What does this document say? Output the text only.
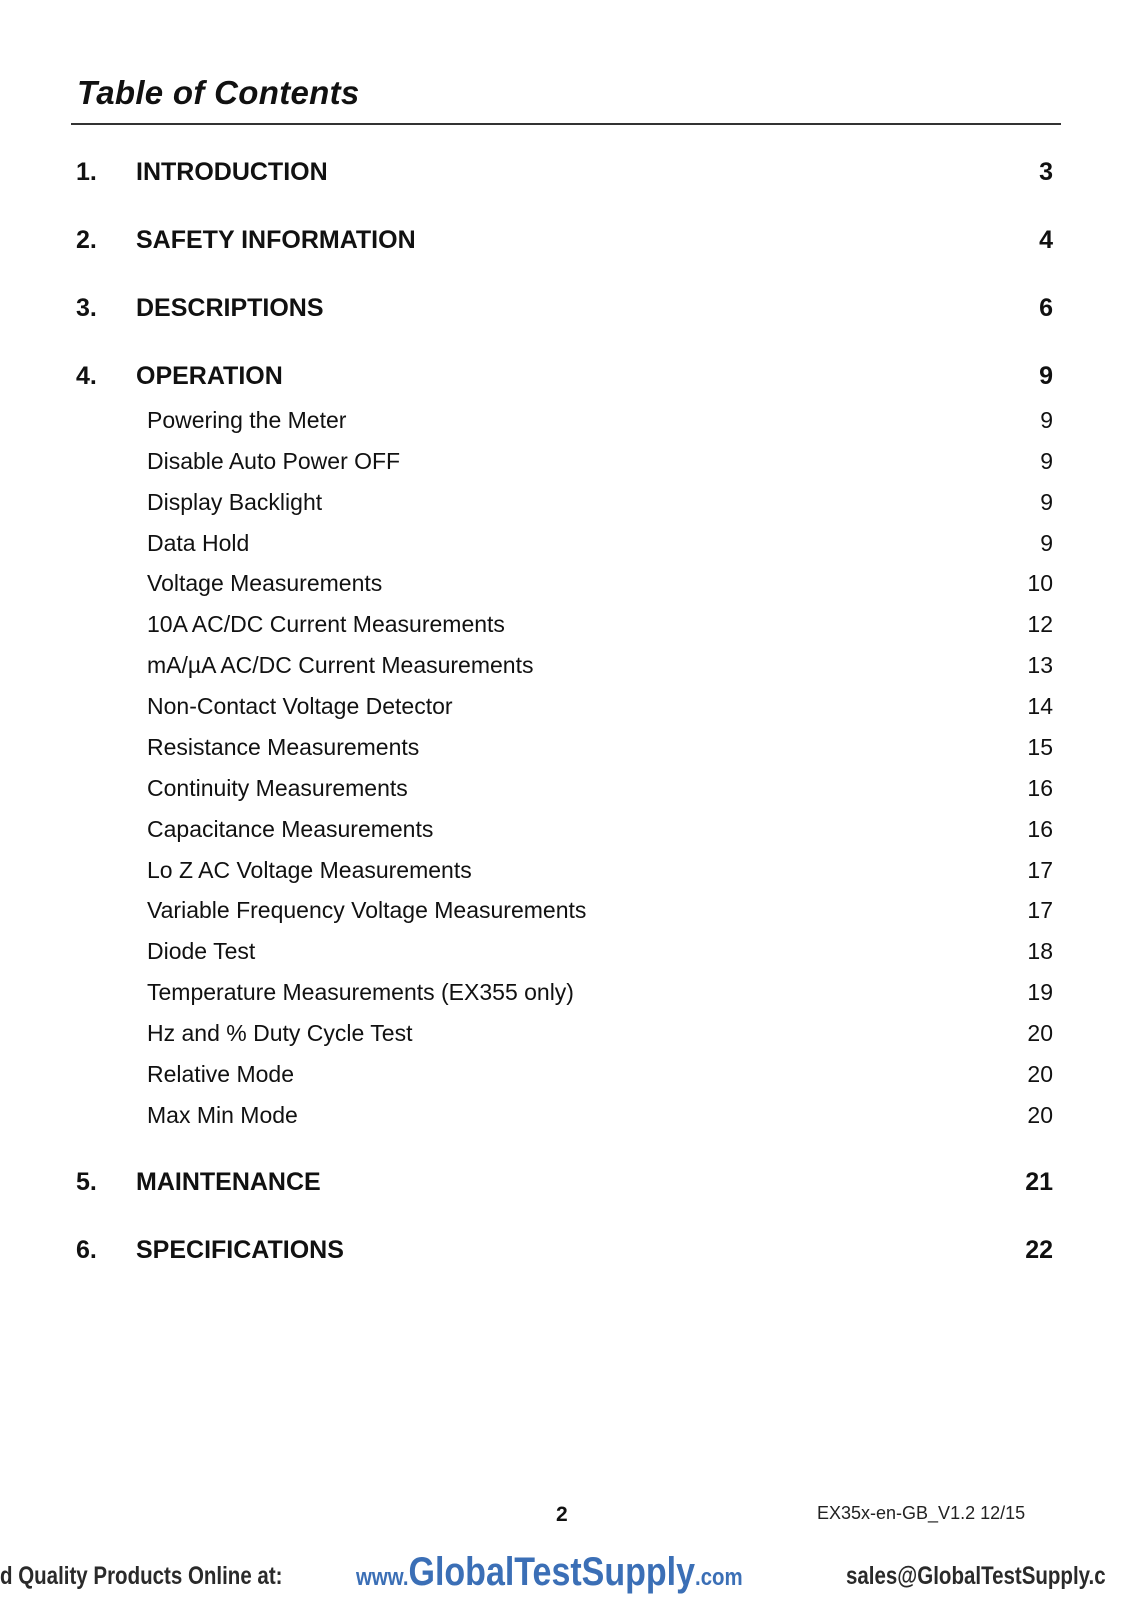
Table of Contents
1. INTRODUCTION	3
2. SAFETY INFORMATION	4
3. DESCRIPTIONS	6
4. OPERATION	9
Powering the Meter	9
Disable Auto Power OFF	9
Display Backlight	9
Data Hold	9
Voltage Measurements	10
10A AC/DC Current Measurements	12
mA/µA AC/DC Current Measurements	13
Non-Contact Voltage Detector	14
Resistance Measurements	15
Continuity Measurements	16
Capacitance Measurements	16
Lo Z AC Voltage Measurements	17
Variable Frequency Voltage Measurements	17
Diode Test	18
Temperature Measurements (EX355 only)	19
Hz and % Duty Cycle Test	20
Relative Mode	20
Max Min Mode	20
5. MAINTENANCE	21
6. SPECIFICATIONS	22
2	EX35x-en-GB_V1.2 12/15
d Quality Products Online at:	www.GlobalTestSupply.com	sales@GlobalTestSupply.c
